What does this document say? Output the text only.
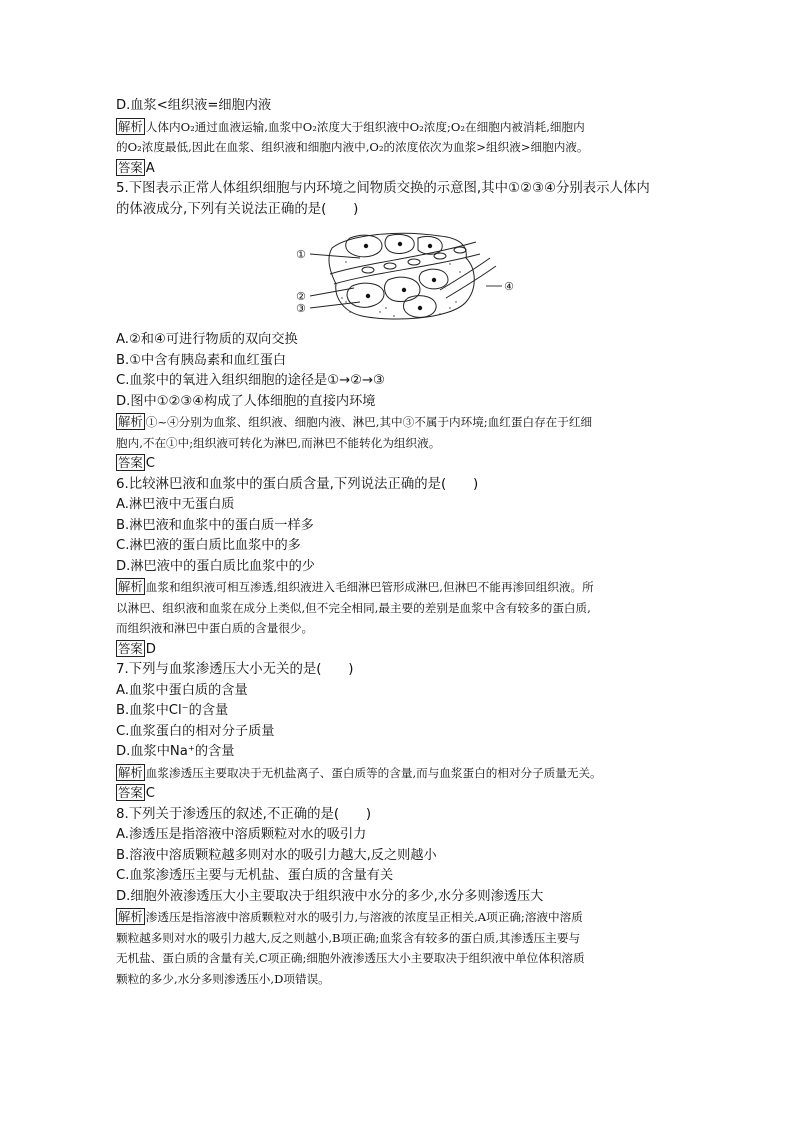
D.血浆<组织液=细胞内液
解析 人体内O₂通过血液运输,血浆中O₂浓度大于组织液中O₂浓度;O₂在细胞内被消耗,细胞内
的O₂浓度最低,因此在血浆、组织液和细胞内液中,O₂的浓度依次为血浆>组织液>细胞内液。
答案 A
5.下图表示正常人体组织细胞与内环境之间物质交换的示意图,其中①②③④分别表示人体内
的体液成分,下列有关说法正确的是(　　)
①
②
③
④
A.②和④可进行物质的双向交换
B.①中含有胰岛素和血红蛋白
C.血浆中的氧进入组织细胞的途径是①→②→③
D.图中①②③④构成了人体细胞的直接内环境
解析 ①~④分别为血浆、组织液、细胞内液、淋巴,其中③不属于内环境;血红蛋白存在于红细
胞内,不在①中;组织液可转化为淋巴,而淋巴不能转化为组织液。
答案 C
6.比较淋巴液和血浆中的蛋白质含量,下列说法正确的是(　　)
A.淋巴液中无蛋白质
B.淋巴液和血浆中的蛋白质一样多
C.淋巴液的蛋白质比血浆中的多
D.淋巴液中的蛋白质比血浆中的少
解析 血浆和组织液可相互渗透,组织液进入毛细淋巴管形成淋巴,但淋巴不能再渗回组织液。所
以淋巴、组织液和血浆在成分上类似,但不完全相同,最主要的差别是血浆中含有较多的蛋白质,
而组织液和淋巴中蛋白质的含量很少。
答案 D
7.下列与血浆渗透压大小无关的是(　　)
A.血浆中蛋白质的含量
B.血浆中Cl⁻的含量
C.血浆蛋白的相对分子质量
D.血浆中Na⁺的含量
解析 血浆渗透压主要取决于无机盐离子、蛋白质等的含量,而与血浆蛋白的相对分子质量无关。
答案 C
8.下列关于渗透压的叙述,不正确的是(　　)
A.渗透压是指溶液中溶质颗粒对水的吸引力
B.溶液中溶质颗粒越多则对水的吸引力越大,反之则越小
C.血浆渗透压主要与无机盐、蛋白质的含量有关
D.细胞外液渗透压大小主要取决于组织液中水分的多少,水分多则渗透压大
解析 渗透压是指溶液中溶质颗粒对水的吸引力,与溶液的浓度呈正相关,A项正确;溶液中溶质
颗粒越多则对水的吸引力越大,反之则越小,B项正确;血浆含有较多的蛋白质,其渗透压主要与
无机盐、蛋白质的含量有关,C项正确;细胞外液渗透压大小主要取决于组织液中单位体积溶质
颗粒的多少,水分多则渗透压小,D项错误。
